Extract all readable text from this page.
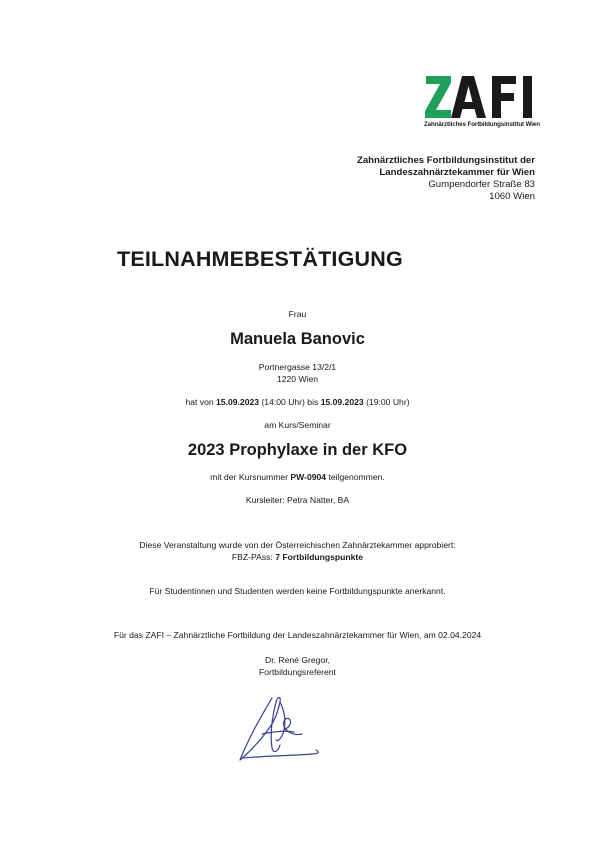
Zahnärztliches Fortbildungsinstitut Wien
Zahnärztliches Fortbildungsinstitut der
Landeszahnärztekammer für Wien
Gumpendorfer Straße 83
1060 Wien
TEILNAHMEBESTÄTIGUNG
Frau
Manuela Banovic
Portnergasse 13/2/1
1220 Wien
hat von 15.09.2023 (14:00 Uhr) bis 15.09.2023 (19:00 Uhr)
am Kurs/Seminar
2023 Prophylaxe in der KFO
mit der Kursnummer PW-0904 teilgenommen.
Kursleiter: Petra Natter, BA
Diese Veranstaltung wurde von der Österreichischen Zahnärztekammer approbiert:
FBZ-PAss: 7 Fortbildungspunkte
Für Studentinnen und Studenten werden keine Fortbildungspunkte anerkannt.
Für das ZAFI – Zahnärztliche Fortbildung der Landeszahnärztekammer für Wien, am 02.04.2024
Dr. René Gregor,
Fortbildungsreferent
